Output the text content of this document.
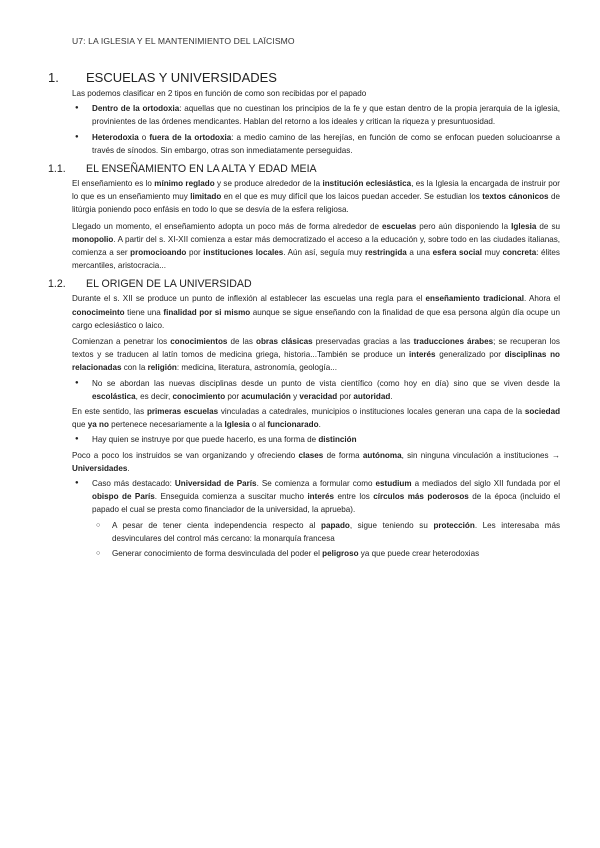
U7: LA IGLESIA Y EL MANTENIMIENTO DEL LAÏCISMO
1.	ESCUELAS Y UNIVERSIDADES
Las podemos clasificar en 2 tipos en función de como son recibidas por el papado
● Dentro de la ortodoxia: aquellas que no cuestinan los principios de la fe y que estan dentro de la propia jerarquia de la iglesia, provinientes de las órdenes mendicantes. Hablan del retorno a los ideales y critican la riqueza y presuntuosidad.
● Heterodoxia o fuera de la ortodoxia: a medio camino de las herejías, en función de como se enfocan pueden solucioanrse a través de sínodos. Sin embargo, otras son inmediatamente perseguidas.
1.1.	EL ENSEÑAMIENTO EN LA ALTA Y EDAD MEIA
El enseñamiento es lo mínimo reglado y se produce alrededor de la institución eclesiástica, es la Iglesia la encargada de instruir por lo que es un enseñamiento muy limitado en el que es muy difícil que los laicos puedan acceder. Se estudian los textos cánonicos de litúrgia poniendo poco enfásis en todo lo que se desvía de la esfera religiosa.
Llegado un momento, el enseñamiento adopta un poco más de forma alrededor de escuelas pero aún disponiendo la Iglesia de su monopolio. A partir del s. XI-XII comienza a estar más democratizado el acceso a la educación y, sobre todo en las ciudades italianas, comienza a ser promocioando por instituciones locales. Aún así, seguía muy restringida a una esfera social muy concreta: élites mercantiles, aristocracia...
1.2.	EL ORIGEN DE LA UNIVERSIDAD
Durante el s. XII se produce un punto de inflexión al establecer las escuelas una regla para el enseñamiento tradicional. Ahora el conocimeinto tiene una finalidad por si mismo aunque se sigue enseñando con la finalidad de que esa persona algún día ocupe un cargo eclesiástico o laico.
Comienzan a penetrar los conocimientos de las obras clásicas preservadas gracias a las traducciones árabes; se recuperan los textos y se traducen al latín tomos de medicina griega, historia...También se produce un interés generalizado por disciplinas no relacionadas con la religión: medicina, literatura, astronomía, geología...
● No se abordan las nuevas disciplinas desde un punto de vista científico (como hoy en día) sino que se viven desde la escolástica, es decir, conocimiento por acumulación y veracidad por autoridad.
En este sentido, las primeras escuelas vinculadas a catedrales, municipios o instituciones locales generan una capa de la sociedad que ya no pertenece necesariamente a la Iglesia o al funcionarado.
● Hay quien se instruye por que puede hacerlo, es una forma de distinción
Poco a poco los instruidos se van organizando y ofreciendo clases de forma autónoma, sin ninguna vinculación a instituciones → Universidades.
● Caso más destacado: Universidad de París. Se comienza a formular como estudium a mediados del siglo XII fundada por el obispo de París. Enseguida comienza a suscitar mucho interés entre los círculos más poderosos de la época (incluido el papado el cual se presta como financiador de la universidad, la aprueba).
○ A pesar de tener cienta independencia respecto al papado, sigue teniendo su protección. Les interesaba más desvinculares del control más cercano: la monarquía francesa
○ Generar conocimiento de forma desvinculada del poder el peligroso ya que puede crear heterodoxias
